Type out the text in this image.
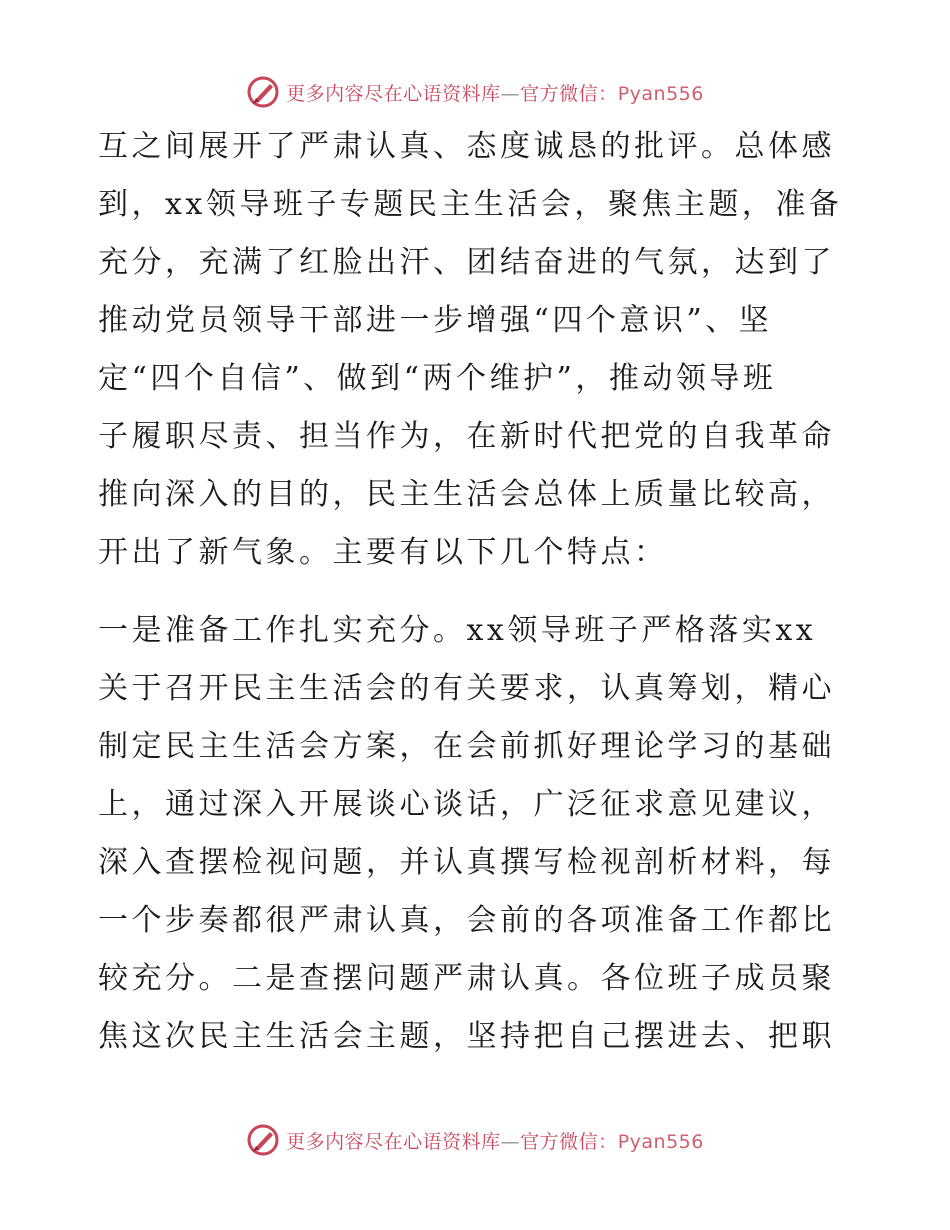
更多内容尽在心语资料库—官方微信：Pyan556
互之间展开了严肃认真、态度诚恳的批评。总体感
到，xx领导班子专题民主生活会，聚焦主题，准备
充分，充满了红脸出汗、团结奋进的气氛，达到了
推动党员领导干部进一步增强“四个意识”、坚
定“四个自信”、做到“两个维护”，推动领导班
子履职尽责、担当作为，在新时代把党的自我革命
推向深入的目的，民主生活会总体上质量比较高，
开出了新气象。主要有以下几个特点：
一是准备工作扎实充分。xx领导班子严格落实xx
关于召开民主生活会的有关要求，认真筹划，精心
制定民主生活会方案，在会前抓好理论学习的基础
上，通过深入开展谈心谈话，广泛征求意见建议，
深入查摆检视问题，并认真撰写检视剖析材料，每
一个步奏都很严肃认真，会前的各项准备工作都比
较充分。二是查摆问题严肃认真。各位班子成员聚
焦这次民主生活会主题，坚持把自己摆进去、把职
更多内容尽在心语资料库—官方微信：Pyan556
